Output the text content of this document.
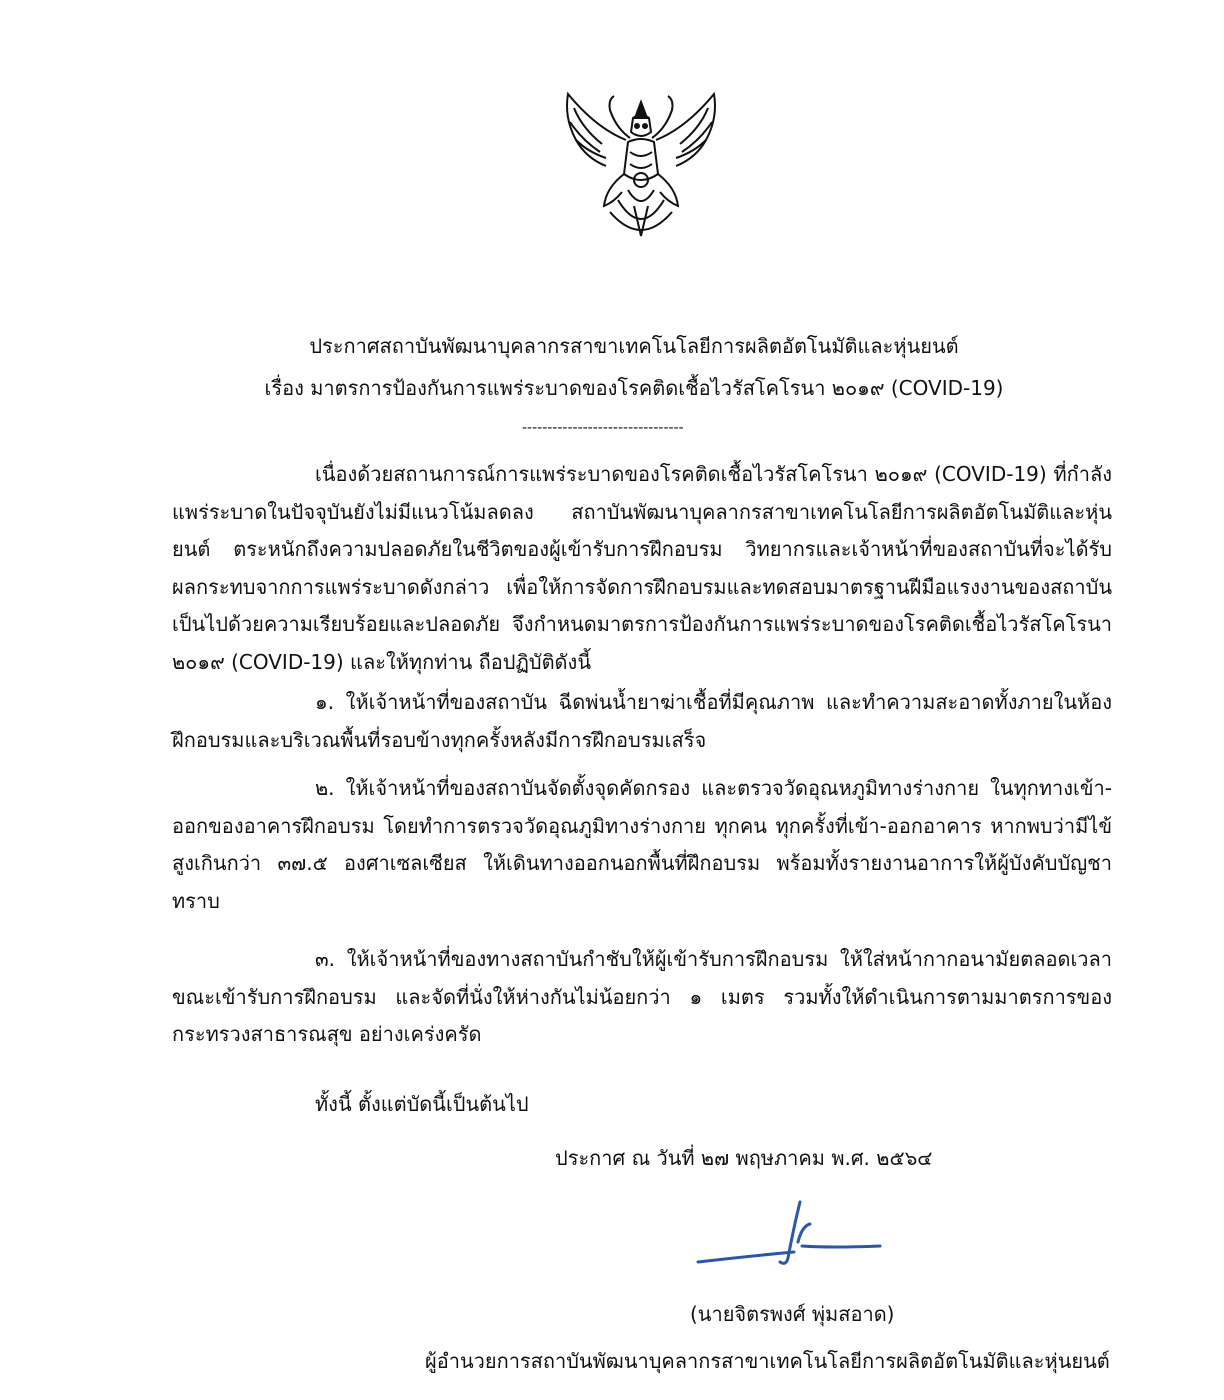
ประกาศสถาบันพัฒนาบุคลากรสาขาเทคโนโลยีการผลิตอัตโนมัติและหุ่นยนต์
เรื่อง มาตรการป้องกันการแพร่ระบาดของโรคติดเชื้อไวรัสโคโรนา ๒๐๑๙ (COVID-19)
--------------------------------

เนื่องด้วยสถานการณ์การแพร่ระบาดของโรคติดเชื้อไวรัสโคโรนา ๒๐๑๙ (COVID-19) ที่กำลังแพร่ระบาดในปัจจุบันยังไม่มีแนวโน้มลดลง สถาบันพัฒนาบุคลากรสาขาเทคโนโลยีการผลิตอัตโนมัติและหุ่นยนต์ ตระหนักถึงความปลอดภัยในชีวิตของผู้เข้ารับการฝึกอบรม วิทยากรและเจ้าหน้าที่ของสถาบันที่จะได้รับผลกระทบจากการแพร่ระบาดดังกล่าว เพื่อให้การจัดการฝึกอบรมและทดสอบมาตรฐานฝีมือแรงงานของสถาบันเป็นไปด้วยความเรียบร้อยและปลอดภัย จึงกำหนดมาตรการป้องกันการแพร่ระบาดของโรคติดเชื้อไวรัสโคโรนา ๒๐๑๙ (COVID-19) และให้ทุกท่าน ถือปฏิบัติดังนี้

๑. ให้เจ้าหน้าที่ของสถาบัน ฉีดพ่นน้ำยาฆ่าเชื้อที่มีคุณภาพ และทำความสะอาดทั้งภายในห้องฝึกอบรมและบริเวณพื้นที่รอบข้างทุกครั้งหลังมีการฝึกอบรมเสร็จ

๒. ให้เจ้าหน้าที่ของสถาบันจัดตั้งจุดคัดกรอง และตรวจวัดอุณหภูมิทางร่างกาย ในทุกทางเข้า-ออกของอาคารฝึกอบรม โดยทำการตรวจวัดอุณภูมิทางร่างกาย ทุกคน ทุกครั้งที่เข้า-ออกอาคาร หากพบว่ามีไข้สูงเกินกว่า ๓๗.๕ องศาเซลเซียส ให้เดินทางออกนอกพื้นที่ฝึกอบรม พร้อมทั้งรายงานอาการให้ผู้บังคับบัญชาทราบ

๓. ให้เจ้าหน้าที่ของทางสถาบันกำชับให้ผู้เข้ารับการฝึกอบรม ให้ใส่หน้ากากอนามัยตลอดเวลาขณะเข้ารับการฝึกอบรม และจัดที่นั่งให้ห่างกันไม่น้อยกว่า ๑ เมตร รวมทั้งให้ดำเนินการตามมาตรการของกระทรวงสาธารณสุข อย่างเคร่งครัด

ทั้งนี้ ตั้งแต่บัดนี้เป็นต้นไป
ประกาศ ณ วันที่ ๒๗ พฤษภาคม พ.ศ. ๒๕๖๔
(นายจิตรพงศ์ พุ่มสอาด)
ผู้อำนวยการสถาบันพัฒนาบุคลากรสาขาเทคโนโลยีการผลิตอัตโนมัติและหุ่นยนต์
